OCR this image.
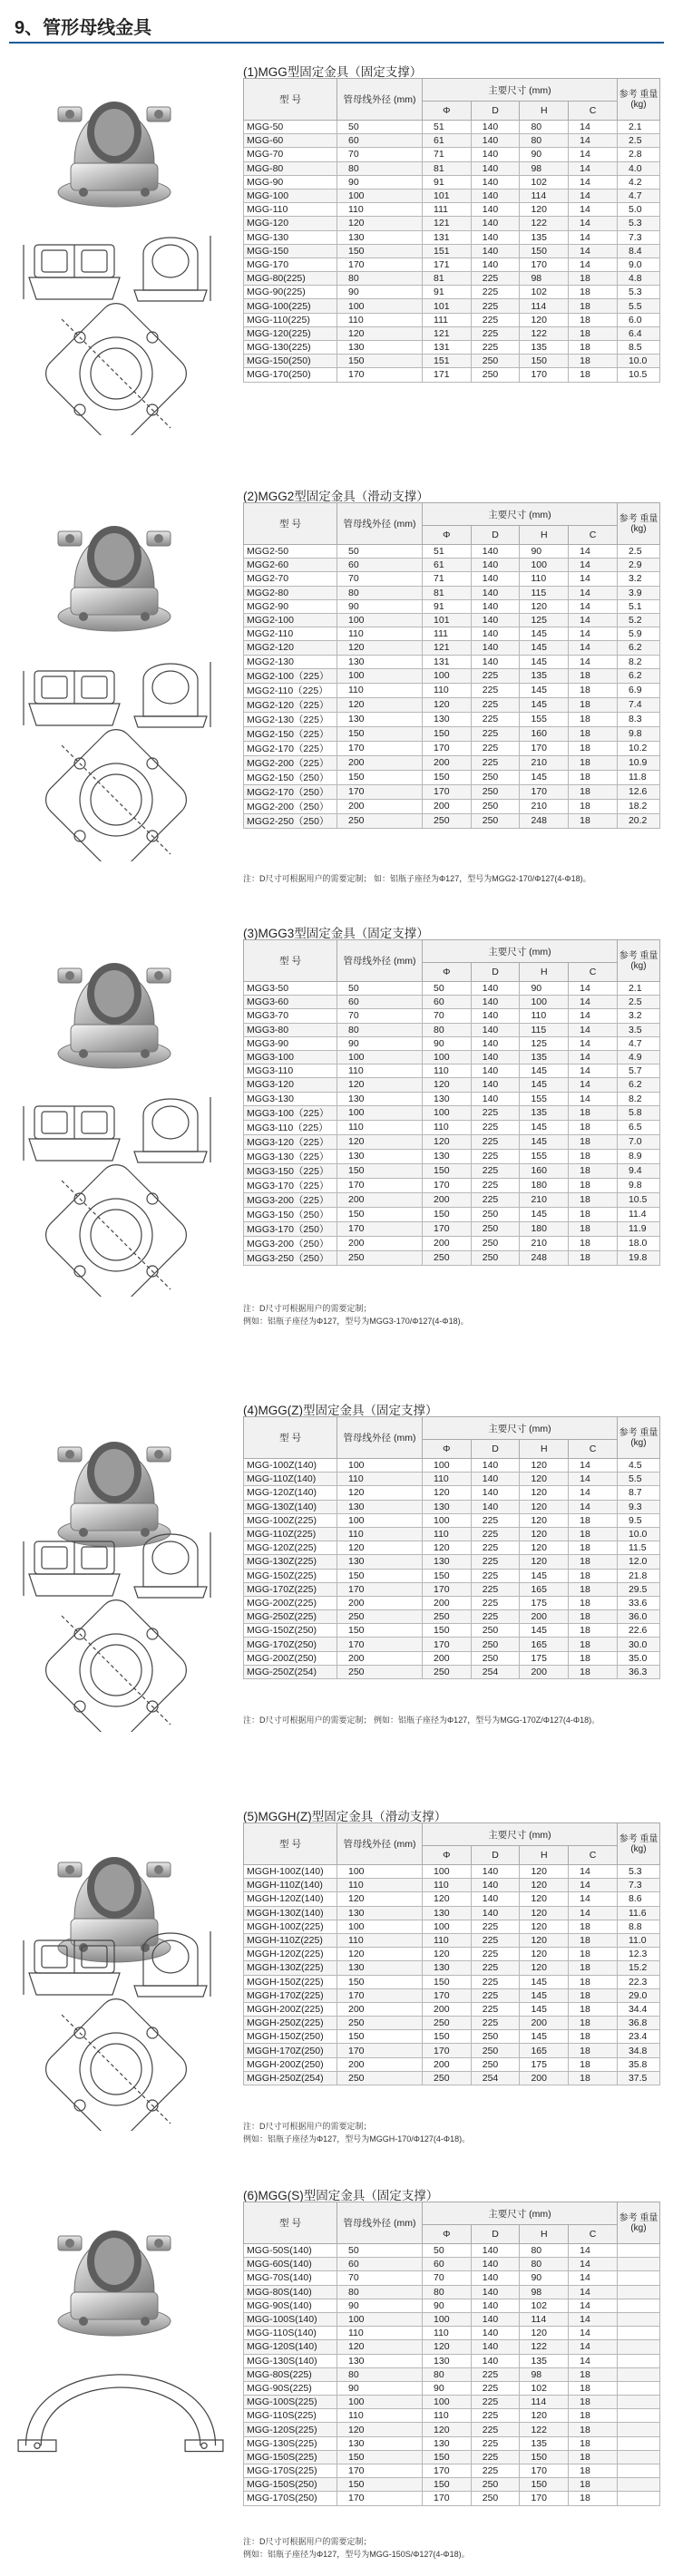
9、管形母线金具
(1)MGG型固定金具（固定支撑）
型 号	管母线外径 (mm)	主要尺寸 (mm)				参考 重量 (kg)
		Φ	D	H	C	
MGG-50	50	51	140	80	14	2.1
MGG-60	60	61	140	80	14	2.5
MGG-70	70	71	140	90	14	2.8
MGG-80	80	81	140	98	14	4.0
MGG-90	90	91	140	102	14	4.2
MGG-100	100	101	140	114	14	4.7
MGG-110	110	111	140	120	14	5.0
MGG-120	120	121	140	122	14	5.3
MGG-130	130	131	140	135	14	7.3
MGG-150	150	151	140	150	14	8.4
MGG-170	170	171	140	170	14	9.0
MGG-80(225)	80	81	225	98	18	4.8
MGG-90(225)	90	91	225	102	18	5.3
MGG-100(225)	100	101	225	114	18	5.5
MGG-110(225)	110	111	225	120	18	6.0
MGG-120(225)	120	121	225	122	18	6.4
MGG-130(225)	130	131	225	135	18	8.5
MGG-150(250)	150	151	250	150	18	10.0
MGG-170(250)	170	171	250	170	18	10.5
(2)MGG2型固定金具（滑动支撑）
型 号	管母线外径 (mm)	主要尺寸 (mm)				参考 重量 (kg)
		Φ	D	H	C	
MGG2-50	50	51	140	90	14	2.5
MGG2-60	60	61	140	100	14	2.9
MGG2-70	70	71	140	110	14	3.2
MGG2-80	80	81	140	115	14	3.9
MGG2-90	90	91	140	120	14	5.1
MGG2-100	100	101	140	125	14	5.2
MGG2-110	110	111	140	145	14	5.9
MGG2-120	120	121	140	145	14	6.2
MGG2-130	130	131	140	145	14	8.2
MGG2-100（225）	100	100	225	135	18	6.2
MGG2-110（225）	110	110	225	145	18	6.9
MGG2-120（225）	120	120	225	145	18	7.4
MGG2-130（225）	130	130	225	155	18	8.3
MGG2-150（225）	150	150	225	160	18	9.8
MGG2-170（225）	170	170	225	170	18	10.2
MGG2-200（225）	200	200	225	210	18	10.9
MGG2-150（250）	150	150	250	145	18	11.8
MGG2-170（250）	170	170	250	170	18	12.6
MGG2-200（250）	200	200	250	210	18	18.2
MGG2-250（250）	250	250	250	248	18	20.2
注：D尺寸可根据用户的需要定制； 如：铝瓶子座径为Φ127，型号为MGG2-170/Φ127(4-Φ18)。
(3)MGG3型固定金具（固定支撑）
型 号	管母线外径 (mm)	主要尺寸 (mm)				参考 重量 (kg)
		Φ	D	H	C	
MGG3-50	50	50	140	90	14	2.1
MGG3-60	60	60	140	100	14	2.5
MGG3-70	70	70	140	110	14	3.2
MGG3-80	80	80	140	115	14	3.5
MGG3-90	90	90	140	125	14	4.7
MGG3-100	100	100	140	135	14	4.9
MGG3-110	110	110	140	145	14	5.7
MGG3-120	120	120	140	145	14	6.2
MGG3-130	130	130	140	155	14	8.2
MGG3-100（225）	100	100	225	135	18	5.8
MGG3-110（225）	110	110	225	145	18	6.5
MGG3-120（225）	120	120	225	145	18	7.0
MGG3-130（225）	130	130	225	155	18	8.9
MGG3-150（225）	150	150	225	160	18	9.4
MGG3-170（225）	170	170	225	180	18	9.8
MGG3-200（225）	200	200	225	210	18	10.5
MGG3-150（250）	150	150	250	145	18	11.4
MGG3-170（250）	170	170	250	180	18	11.9
MGG3-200（250）	200	200	250	210	18	18.0
MGG3-250（250）	250	250	250	248	18	19.8
注：D尺寸可根据用户的需要定制；
例如：铝瓶子座径为Φ127，型号为MGG3-170/Φ127(4-Φ18)。
(4)MGG(Z)型固定金具（固定支撑）
型 号	管母线外径 (mm)	主要尺寸 (mm)				参考 重量 (kg)
		Φ	D	H	C	
MGG-100Z(140)	100	100	140	120	14	4.5
MGG-110Z(140)	110	110	140	120	14	5.5
MGG-120Z(140)	120	120	140	120	14	8.7
MGG-130Z(140)	130	130	140	120	14	9.3
MGG-100Z(225)	100	100	225	120	18	9.5
MGG-110Z(225)	110	110	225	120	18	10.0
MGG-120Z(225)	120	120	225	120	18	11.5
MGG-130Z(225)	130	130	225	120	18	12.0
MGG-150Z(225)	150	150	225	145	18	21.8
MGG-170Z(225)	170	170	225	165	18	29.5
MGG-200Z(225)	200	200	225	175	18	33.6
MGG-250Z(225)	250	250	225	200	18	36.0
MGG-150Z(250)	150	150	250	145	18	22.6
MGG-170Z(250)	170	170	250	165	18	30.0
MGG-200Z(250)	200	200	250	175	18	35.0
MGG-250Z(254)	250	250	254	200	18	36.3
注：D尺寸可根据用户的需要定制； 例如：铝瓶子座径为Φ127，型号为MGG-170Z/Φ127(4-Φ18)。
(5)MGGH(Z)型固定金具（滑动支撑）
型 号	管母线外径 (mm)	主要尺寸 (mm)				参考 重量 (kg)
		Φ	D	H	C	
MGGH-100Z(140)	100	100	140	120	14	5.3
MGGH-110Z(140)	110	110	140	120	14	7.3
MGGH-120Z(140)	120	120	140	120	14	8.6
MGGH-130Z(140)	130	130	140	120	14	11.6
MGGH-100Z(225)	100	100	225	120	18	8.8
MGGH-110Z(225)	110	110	225	120	18	11.0
MGGH-120Z(225)	120	120	225	120	18	12.3
MGGH-130Z(225)	130	130	225	120	18	15.2
MGGH-150Z(225)	150	150	225	145	18	22.3
MGGH-170Z(225)	170	170	225	145	18	29.0
MGGH-200Z(225)	200	200	225	145	18	34.4
MGGH-250Z(225)	250	250	225	200	18	36.8
MGGH-150Z(250)	150	150	250	145	18	23.4
MGGH-170Z(250)	170	170	250	165	18	34.8
MGGH-200Z(250)	200	200	250	175	18	35.8
MGGH-250Z(254)	250	250	254	200	18	37.5
注：D尺寸可根据用户的需要定制；
例如：铝瓶子座径为Φ127，型号为MGGH-170/Φ127(4-Φ18)。
(6)MGG(S)型固定金具（固定支撑）
型 号	管母线外径 (mm)	主要尺寸 (mm)				参考 重量 (kg)
		Φ	D	H	C	
MGG-50S(140)	50	50	140	80	14	
MGG-60S(140)	60	60	140	80	14	
MGG-70S(140)	70	70	140	90	14	
MGG-80S(140)	80	80	140	98	14	
MGG-90S(140)	90	90	140	102	14	
MGG-100S(140)	100	100	140	114	14	
MGG-110S(140)	110	110	140	120	14	
MGG-120S(140)	120	120	140	122	14	
MGG-130S(140)	130	130	140	135	14	
MGG-80S(225)	80	80	225	98	18	
MGG-90S(225)	90	90	225	102	18	
MGG-100S(225)	100	100	225	114	18	
MGG-110S(225)	110	110	225	120	18	
MGG-120S(225)	120	120	225	122	18	
MGG-130S(225)	130	130	225	135	18	
MGG-150S(225)	150	150	225	150	18	
MGG-170S(225)	170	170	225	170	18	
MGG-150S(250)	150	150	250	150	18	
MGG-170S(250)	170	170	250	170	18	
注：D尺寸可根据用户的需要定制；
例如：铝瓶子座径为Φ127，型号为MGG-150S/Φ127(4-Φ18)。
